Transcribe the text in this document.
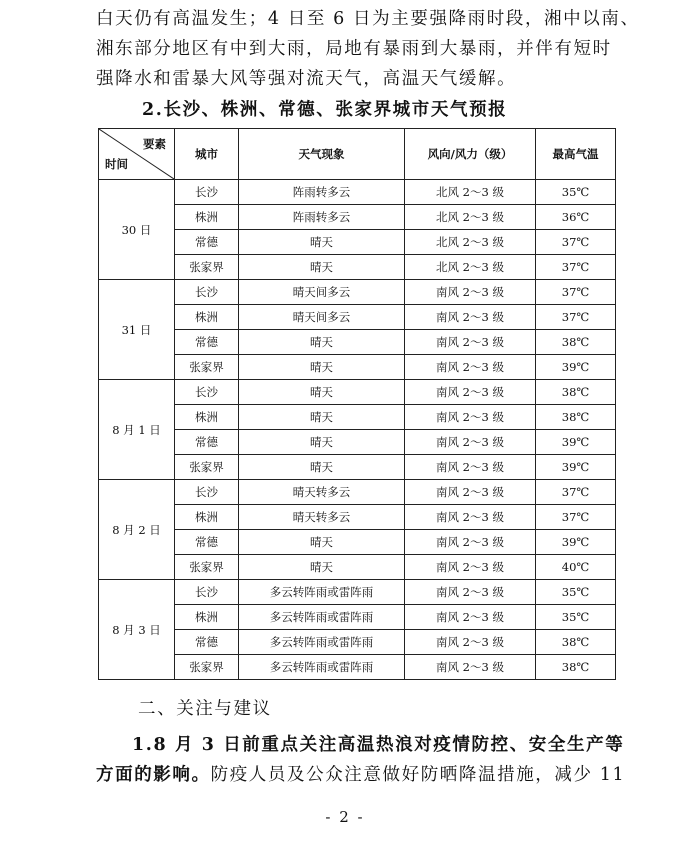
白天仍有高温发生；4 日至 6 日为主要强降雨时段，湘中以南、
湘东部分地区有中到大雨，局地有暴雨到大暴雨，并伴有短时
强降水和雷暴大风等强对流天气，高温天气缓解。
2.长沙、株洲、常德、张家界城市天气预报
要素
时间	城市	天气现象	风向/风力（级）	最高气温
30 日	长沙	阵雨转多云	北风 2～3 级	35℃
	株洲	阵雨转多云	北风 2～3 级	36℃
	常德	晴天	北风 2～3 级	37℃
	张家界	晴天	北风 2～3 级	37℃
31 日	长沙	晴天间多云	南风 2～3 级	37℃
	株洲	晴天间多云	南风 2～3 级	37℃
	常德	晴天	南风 2～3 级	38℃
	张家界	晴天	南风 2～3 级	39℃
8 月 1 日	长沙	晴天	南风 2～3 级	38℃
	株洲	晴天	南风 2～3 级	38℃
	常德	晴天	南风 2～3 级	39℃
	张家界	晴天	南风 2～3 级	39℃
8 月 2 日	长沙	晴天转多云	南风 2～3 级	37℃
	株洲	晴天转多云	南风 2～3 级	37℃
	常德	晴天	南风 2～3 级	39℃
	张家界	晴天	南风 2～3 级	40℃
8 月 3 日	长沙	多云转阵雨或雷阵雨	南风 2～3 级	35℃
	株洲	多云转阵雨或雷阵雨	南风 2～3 级	35℃
	常德	多云转阵雨或雷阵雨	南风 2～3 级	38℃
	张家界	多云转阵雨或雷阵雨	南风 2～3 级	38℃
二、关注与建议
1.8 月 3 日前重点关注高温热浪对疫情防控、安全生产等
方面的影响。防疫人员及公众注意做好防晒降温措施，减少 11
- 2 -
